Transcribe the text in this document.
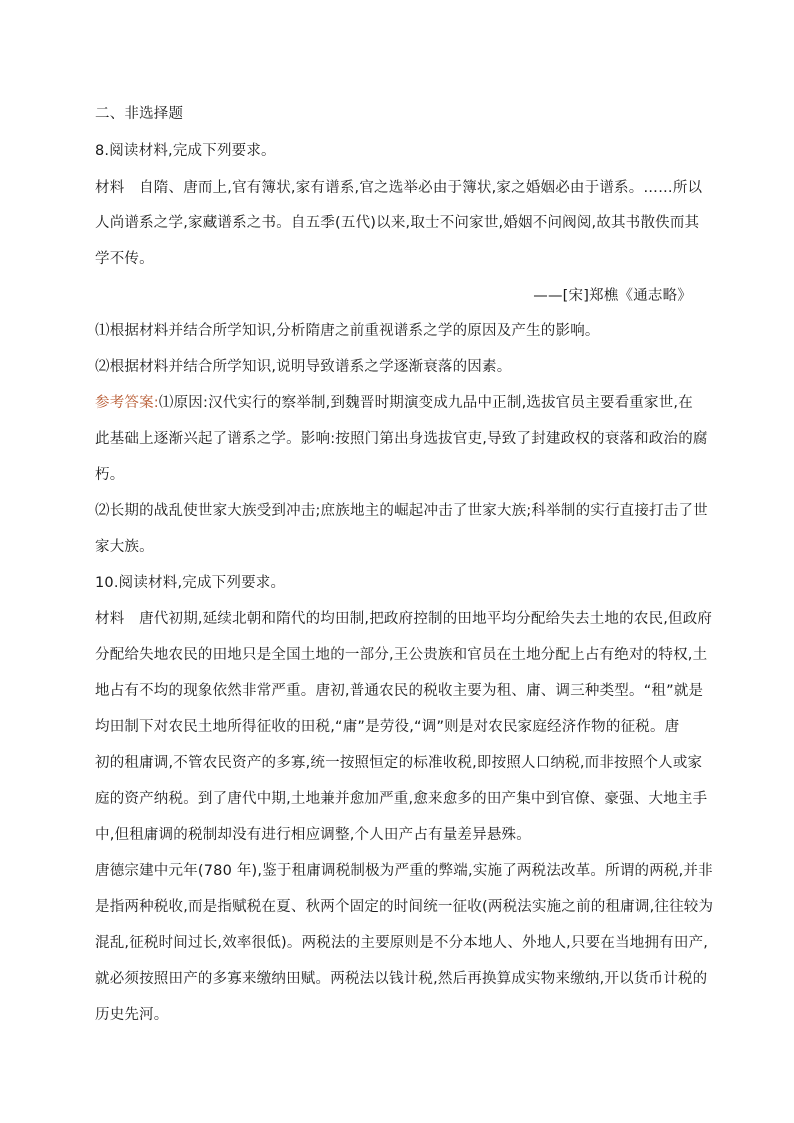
二、非选择题
8.阅读材料,完成下列要求。
材料　自隋、唐而上,官有簿状,家有谱系,官之选举必由于簿状,家之婚姻必由于谱系。……所以
人尚谱系之学,家藏谱系之书。自五季(五代)以来,取士不问家世,婚姻不问阀阅,故其书散佚而其
学不传。
——[宋]郑樵《通志略》
⑴根据材料并结合所学知识,分析隋唐之前重视谱系之学的原因及产生的影响。
⑵根据材料并结合所学知识,说明导致谱系之学逐渐衰落的因素。
参考答案:⑴原因:汉代实行的察举制,到魏晋时期演变成九品中正制,选拔官员主要看重家世,在
此基础上逐渐兴起了谱系之学。影响:按照门第出身选拔官吏,导致了封建政权的衰落和政治的腐
朽。
⑵长期的战乱使世家大族受到冲击;庶族地主的崛起冲击了世家大族;科举制的实行直接打击了世
家大族。
10.阅读材料,完成下列要求。
材料　唐代初期,延续北朝和隋代的均田制,把政府控制的田地平均分配给失去土地的农民,但政府
分配给失地农民的田地只是全国土地的一部分,王公贵族和官员在土地分配上占有绝对的特权,土
地占有不均的现象依然非常严重。唐初,普通农民的税收主要为租、庸、调三种类型。“租”就是
均田制下对农民土地所得征收的田税,“庸”是劳役,“调”则是对农民家庭经济作物的征税。唐
初的租庸调,不管农民资产的多寡,统一按照恒定的标准收税,即按照人口纳税,而非按照个人或家
庭的资产纳税。到了唐代中期,土地兼并愈加严重,愈来愈多的田产集中到官僚、豪强、大地主手
中,但租庸调的税制却没有进行相应调整,个人田产占有量差异悬殊。
唐德宗建中元年(780 年),鉴于租庸调税制极为严重的弊端,实施了两税法改革。所谓的两税,并非
是指两种税收,而是指赋税在夏、秋两个固定的时间统一征收(两税法实施之前的租庸调,往往较为
混乱,征税时间过长,效率很低)。两税法的主要原则是不分本地人、外地人,只要在当地拥有田产,
就必须按照田产的多寡来缴纳田赋。两税法以钱计税,然后再换算成实物来缴纳,开以货币计税的
历史先河。
